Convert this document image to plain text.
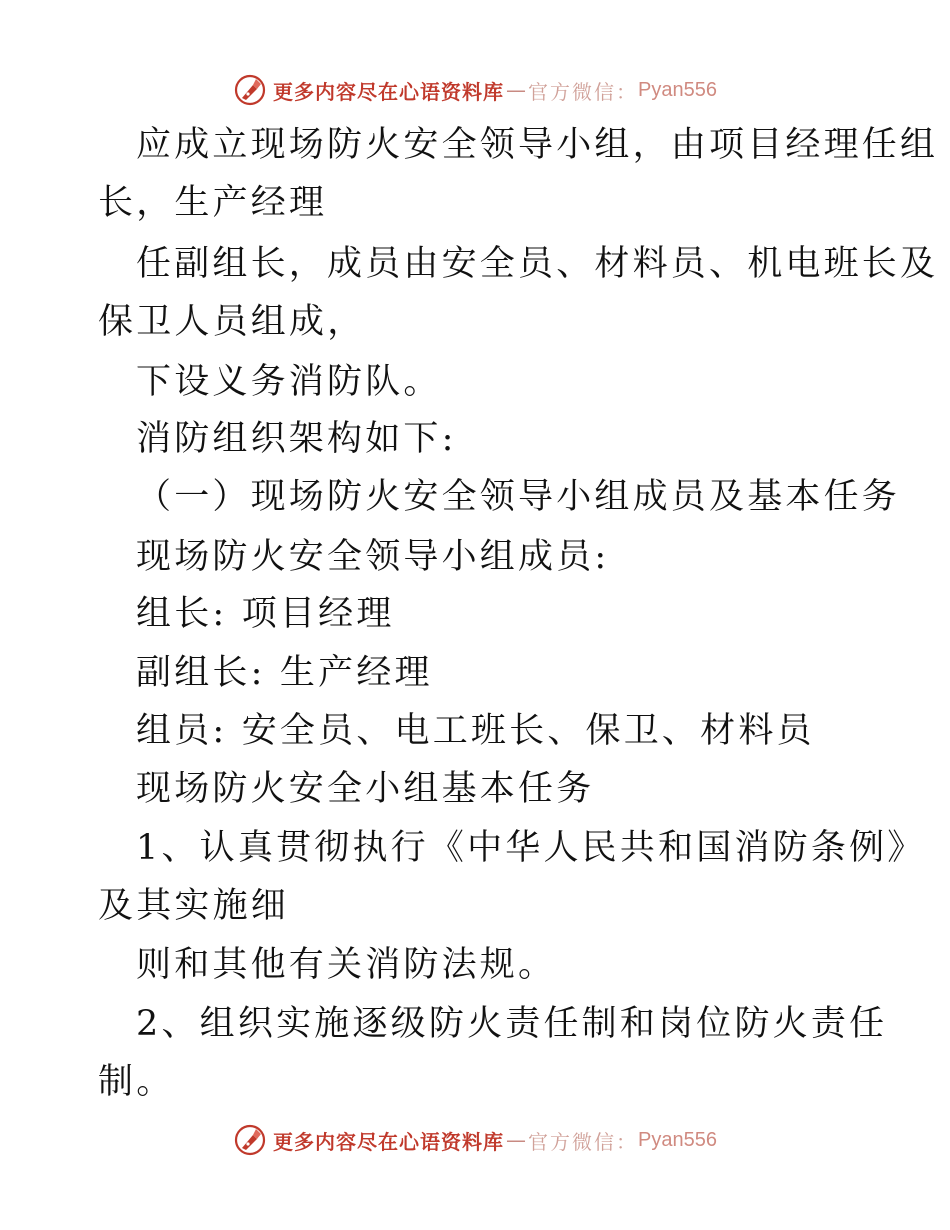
更多内容尽在心语资料库 — 官方微信： Pyan556
应成立现场防火安全领导小组，由项目经理任组
长，生产经理
任副组长，成员由安全员、材料员、机电班长及
保卫人员组成，
下设义务消防队。
消防组织架构如下:
（一）现场防火安全领导小组成员及基本任务
现场防火安全领导小组成员:
组长: 项目经理
副组长: 生产经理
组员: 安全员、电工班长、保卫、材料员
现场防火安全小组基本任务
1、认真贯彻执行《中华人民共和国消防条例》
及其实施细
则和其他有关消防法规。
2、组织实施逐级防火责任制和岗位防火责任
制。
更多内容尽在心语资料库 — 官方微信： Pyan556
